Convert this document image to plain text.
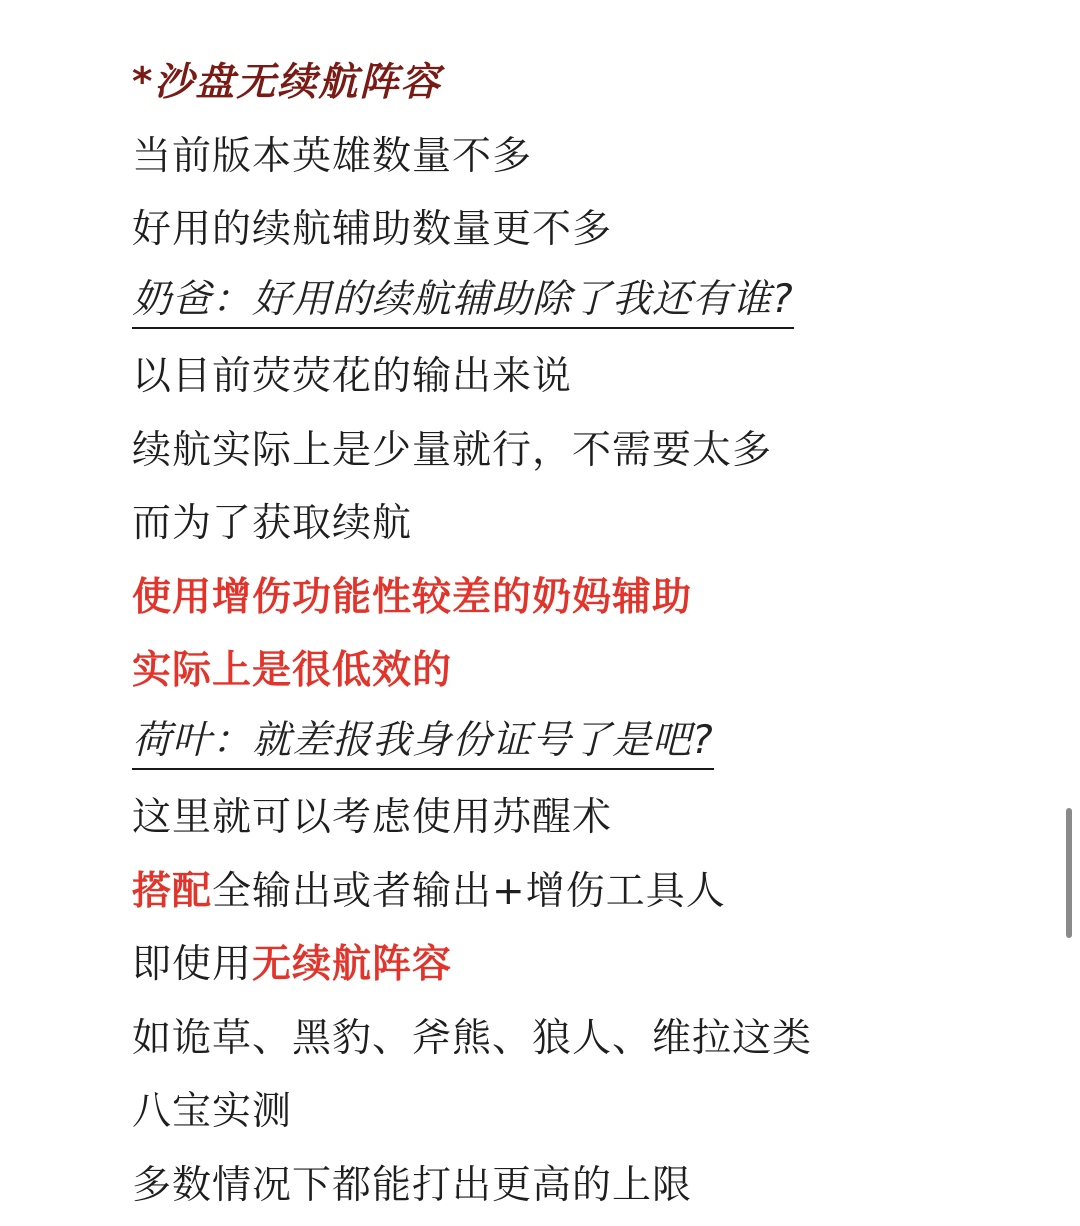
*沙盘无续航阵容
当前版本英雄数量不多
好用的续航辅助数量更不多
奶爸：好用的续航辅助除了我还有谁?
以目前荧荧花的输出来说
续航实际上是少量就行，不需要太多
而为了获取续航
使用增伤功能性较差的奶妈辅助
实际上是很低效的
荷叶：就差报我身份证号了是吧?
这里就可以考虑使用苏醒术
搭配全输出或者输出+增伤工具人
即使用无续航阵容
如诡草、黑豹、斧熊、狼人、维拉这类
八宝实测
多数情况下都能打出更高的上限
